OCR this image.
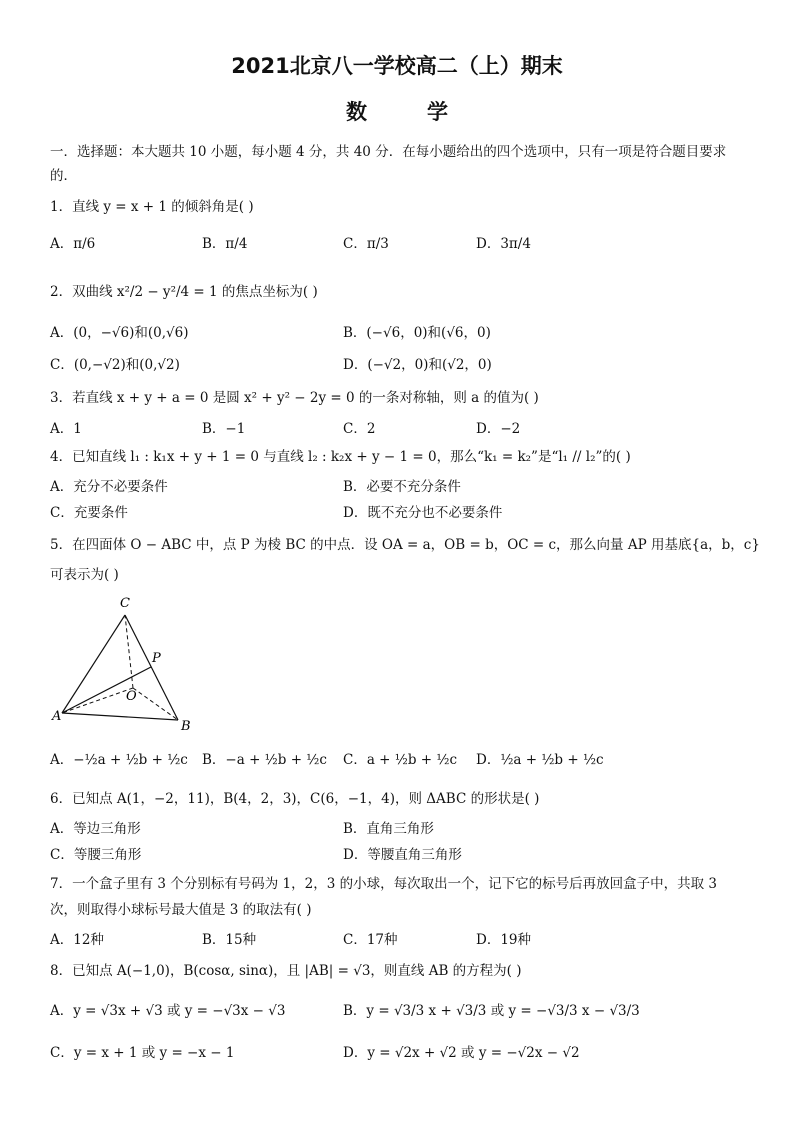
2021北京八一学校高二（上）期末
数	学
一．选择题：本大题共 10 小题，每小题 4 分，共 40 分．在每小题给出的四个选项中，只有一项是符合题目要求
的．
1．直线 y = x + 1 的倾斜角是( )
A．π/6	B．π/4	C．π/3	D．3π/4
2．双曲线 x²/2 − y²/4 = 1 的焦点坐标为( )
A．(0，−√6)和(0,√6)	B．(−√6，0)和(√6，0)
C．(0,−√2)和(0,√2)	D．(−√2，0)和(√2，0)
3．若直线 x + y + a = 0 是圆 x² + y² − 2y = 0 的一条对称轴，则 a 的值为( )
A．1	B．−1	C．2	D．−2
4．已知直线 l₁ : k₁x + y + 1 = 0 与直线 l₂ : k₂x + y − 1 = 0，那么“k₁ = k₂”是“l₁ // l₂”的( )
A．充分不必要条件	B．必要不充分条件
C．充要条件	D．既不充分也不必要条件
5．在四面体 O − ABC 中，点 P 为棱 BC 的中点．设 OA = a，OB = b，OC = c，那么向量 AP 用基底{a，b，c}
可表示为( )
C
P
O
A
B
A．−½a + ½b + ½c B．−a + ½b + ½c C．a + ½b + ½c D．½a + ½b + ½c
6．已知点 A(1，−2，11)，B(4，2，3)，C(6，−1，4)，则 ΔABC 的形状是( )
A．等边三角形	B．直角三角形
C．等腰三角形	D．等腰直角三角形
7．一个盒子里有 3 个分别标有号码为 1，2，3 的小球，每次取出一个，记下它的标号后再放回盒子中，共取 3
次，则取得小球标号最大值是 3 的取法有( )
A．12种	B．15种	C．17种	D．19种
8．已知点 A(−1,0)，B(cosα, sinα)，且 |AB| = √3，则直线 AB 的方程为( )
A．y = √3x + √3 或 y = −√3x − √3	B．y = √3/3 x + √3/3 或 y = −√3/3 x − √3/3
C．y = x + 1 或 y = −x − 1	D．y = √2x + √2 或 y = −√2x − √2
